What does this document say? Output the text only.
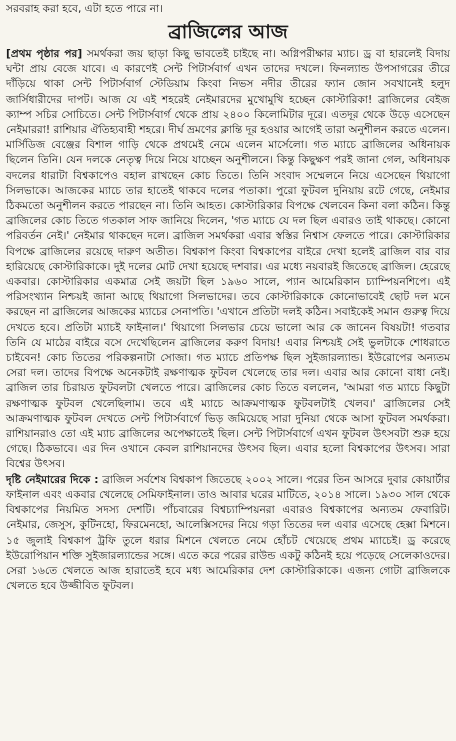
সরবরাহ করা হবে, এটা হতে পারে না।
ব্রাজিলের আজ

[প্রথম পৃষ্ঠার পর] সমর্থকরা জয় ছাড়া কিছু ভাবতেই চাইছে না। অগ্নিপরীক্ষার ম্যাচ। ড্র বা হারলেই বিদায় ঘন্টা প্রায় বেজে যাবে। এ কারণেই সেন্ট পিটার্সবার্গ এখন তাদের দখলে। ফিনল্যান্ড উপসাগরের তীরে দাঁড়িয়ে থাকা সেন্ট পিটার্সবার্গ স্টেডিয়াম কিংবা নিভস নদীর তীরের ফ্যান জোন সবখানেই হলুদ জার্সিধারীদের দাপট। আজ যে এই শহরেই নেইমারদের মুখোমুখি হচ্ছেন কোস্টারিকা! ব্রাজিলের বেইজ ক্যাম্প সচির সোচিতে। সেন্ট পিটার্সবার্গ থেকে প্রায় ২৪০০ কিলোমিটার দূরে। এতদূর থেকে উড়ে এসেছেন নেইমাররা! রাশিয়ার ঐতিহ্যবাহী শহরে। দীর্ঘ ভ্রমণের ক্লান্তি দূর হওয়ার আগেই তারা অনুশীলন করতে এলেন। মার্সিডিজ বেঞ্জের বিশাল গাড়ি থেকে প্রথমেই নেমে এলেন মার্সেলো। গত ম্যাচে ব্রাজিলের অধিনায়ক ছিলেন তিনি। যেন দলকে নেতৃত্ব দিয়ে নিয়ে যাচ্ছেন অনুশীলনে। কিন্তু কিছুক্ষণ পরই জানা গেল, অধিনায়ক বদলের ধারাটা বিশ্বকাপেও বহাল রাখছেন কোচ তিতে। তিনি সংবাদ সম্মেলনে নিয়ে এসেছেন থিয়াগো সিলভাকে। আজকের ম্যাচে তার হাতেই থাকবে দলের পতাকা। পুরো ফুটবল দুনিয়ায় রটে গেছে, নেইমার ঠিকমতো অনুশীলন করতে পারছেন না। তিনি আহত। কোস্টারিকার বিপক্ষে খেলবেন কিনা বলা কঠিন। কিন্তু ব্রাজিলের কোচ তিতে গতকাল সাফ জানিয়ে দিলেন, 'গত ম্যাচে যে দল ছিল এবারও তাই থাকছে। কোনো পরিবর্তন নেই।' নেইমার থাকছেন দলে। ব্রাজিল সমর্থকরা এবার স্বস্তির নিশ্বাস ফেলতে পারে। কোস্টারিকার বিপক্ষে ব্রাজিলের রয়েছে দারুণ অতীত। বিশ্বকাপ কিংবা বিশ্বকাপের বাইরে দেখা হলেই ব্রাজিল বার বার হারিয়েছে কোস্টারিকাকে। দুই দলের মোট দেখা হয়েছে দশবার। এর মধ্যে নয়বারই জিতেছে ব্রাজিল। হেরেছে একবার। কোস্টারিকার একমাত্র সেই জয়টা ছিল ১৯৬০ সালে, প্যান আমেরিকান চ্যাম্পিয়নশিপে। এই পরিসংখ্যান নিশ্চয়ই জানা আছে থিয়াগো সিলভাদের। তবে কোস্টারিকাকে কোনোভাবেই ছোট দল মনে করছেন না ব্রাজিলের আজকের ম্যাচের সেনাপতি। 'এখানে প্রতিটা দলই কঠিন। সবাইকেই সমান গুরুত্ব দিয়ে দেখতে হবে। প্রতিটা ম্যাচই ফাইনাল।' থিয়াগো সিলভার চেয়ে ভালো আর কে জানেন বিষয়টা! গতবার তিনি যে মাঠের বাইরে বসে দেখেছিলেন ব্রাজিলের করুণ বিদায়! এবার নিশ্চয়ই সেই ভুলটাকে শোধরাতে চাইবেন! কোচ তিতের পরিকল্পনাটা সোজা। গত ম্যাচে প্রতিপক্ষ ছিল সুইজারল্যান্ড। ইউরোপের অন্যতম সেরা দল। তাদের বিপক্ষে অনেকটাই রক্ষণাত্মক ফুটবল খেলেছে তার দল। এবার আর কোনো বাধা নেই। ব্রাজিল তার চিরায়ত ফুটবলটা খেলতে পারে। ব্রাজিলের কোচ তিতে বললেন, 'আমরা গত ম্যাচে কিছুটা রক্ষণাত্মক ফুটবল খেলেছিলাম। তবে এই ম্যাচে আক্রমণাত্মক ফুটবলটাই খেলব।' ব্রাজিলের সেই আক্রমণাত্মক ফুটবল দেখতে সেন্ট পিটার্সবার্গে ভিড় জমিয়েছে সারা দুনিয়া থেকে আসা ফুটবল সমর্থকরা। রাশিয়ানরাও তো এই ম্যাচ ব্রাজিলের অপেক্ষাতেই ছিল। সেন্ট পিটার্সবার্গে এখন ফুটবল উৎসবটা শুরু হয়ে গেছে। ঠিকভাবে। এর দিন ওখানে কেবল রাশিয়ানদের উৎসব ছিল। এবার হলো বিশ্বকাপের উৎসব। সারা বিশ্বের উৎসব।

দৃষ্টি নেইমারের দিকে : ব্রাজিল সর্বশেষ বিশ্বকাপ জিতেছে ২০০২ সালে। পরের তিন আসরে দুবার কোয়ার্টার ফাইনাল এবং একবার খেলেছে সেমিফাইনাল। তাও আবার ঘরের মাটিতে, ২০১৪ সালে। ১৯৩০ সাল থেকে বিশ্বকাপের নিয়মিত সদস্য দেশটি। পাঁচবারের বিশ্বচ্যাম্পিয়নরা এবারও বিশ্বকাপের অন্যতম ফেবারিট। নেইমার, জেসুস, কুটিনহো, ফিরমেনহো, আলেক্সিসদের নিয়ে গড়া তিতের দল এবার এসেছে হেক্সা মিশনে। ১৫ জুলাই বিশ্বকাপ ট্রফি তুলে ধরার মিশনে খেলতে নেমে হোঁচট খেয়েছে প্রথম ম্যাচেই। ড্র করেছে ইউরোপিয়ান শক্তি সুইজারল্যান্ডের সঙ্গে। এতে করে পরের রাউন্ড একটু কঠিনই হয়ে পড়েছে সেলেকাওদের। সেরা ১৬তে খেলতে আজ হারাতেই হবে মধ্য আমেরিকার দেশ কোস্টারিকাকে। এজন্য গোটা ব্রাজিলকে খেলতে হবে উজ্জীবিত ফুটবল।
